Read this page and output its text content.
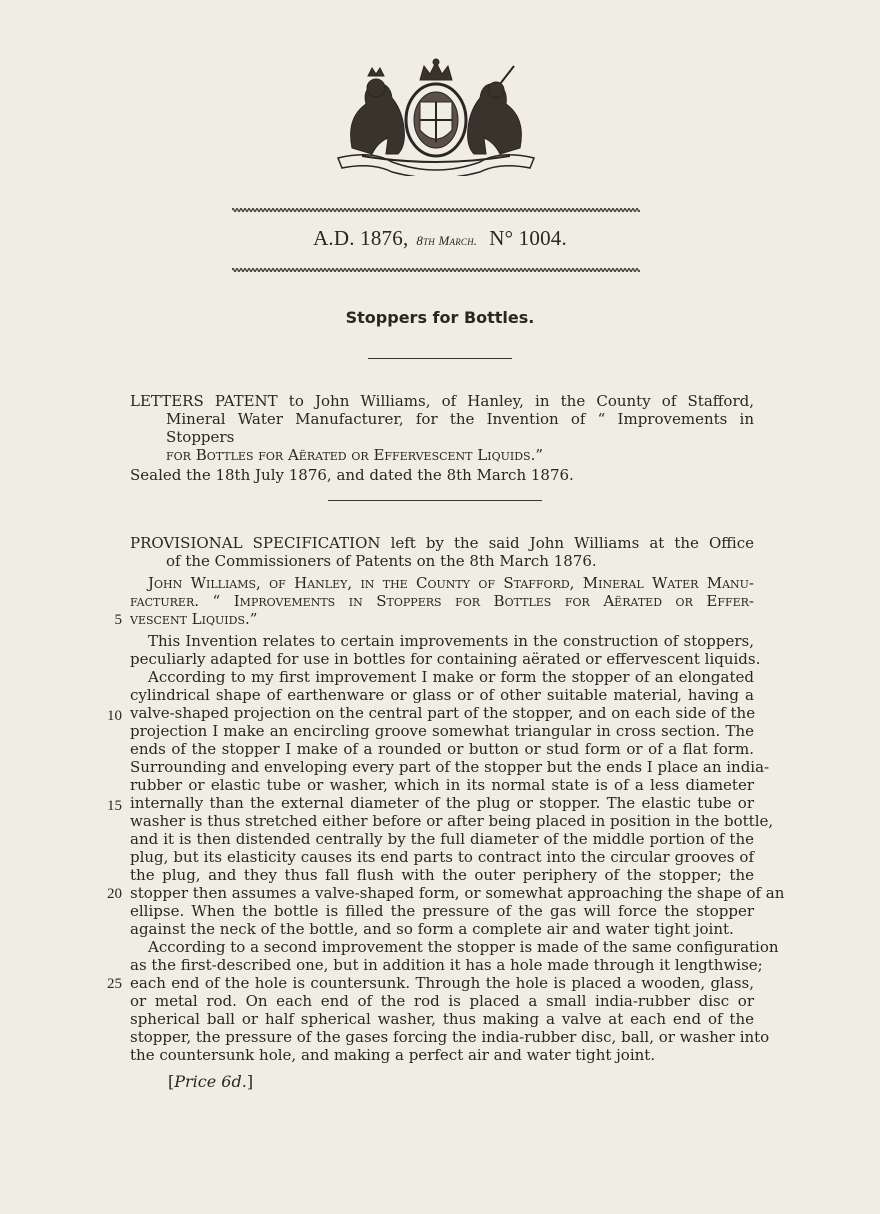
A.D. 1876, 8th March. N° 1004.
Stoppers for Bottles.
LETTERS PATENT to John Williams, of Hanley, in the County of Stafford,
Mineral Water Manufacturer, for the Invention of “ Improvements in Stoppers
for Bottles for Aërated or Effervescent Liquids.”
Sealed the 18th July 1876, and dated the 8th March 1876.
PROVISIONAL SPECIFICATION left by the said John Williams at the Office
of the Commissioners of Patents on the 8th March 1876.
John Williams, of Hanley, in the County of Stafford, Mineral Water Manu-
facturer. “ Improvements in Stoppers for Bottles for Aërated or Effer-
vescent Liquids.”
5
10
15
20
25
This Invention relates to certain improvements in the construction of stoppers,
peculiarly adapted for use in bottles for containing aërated or effervescent liquids.
According to my first improvement I make or form the stopper of an elongated
cylindrical shape of earthenware or glass or of other suitable material, having a
valve-shaped projection on the central part of the stopper, and on each side of the
projection I make an encircling groove somewhat triangular in cross section. The
ends of the stopper I make of a rounded or button or stud form or of a flat form.
Surrounding and enveloping every part of the stopper but the ends I place an india-
rubber or elastic tube or washer, which in its normal state is of a less diameter
internally than the external diameter of the plug or stopper. The elastic tube or
washer is thus stretched either before or after being placed in position in the bottle,
and it is then distended centrally by the full diameter of the middle portion of the
plug, but its elasticity causes its end parts to contract into the circular grooves of
the plug, and they thus fall flush with the outer periphery of the stopper; the
stopper then assumes a valve-shaped form, or somewhat approaching the shape of an
ellipse. When the bottle is filled the pressure of the gas will force the stopper
against the neck of the bottle, and so form a complete air and water tight joint.
According to a second improvement the stopper is made of the same configuration
as the first-described one, but in addition it has a hole made through it lengthwise;
each end of the hole is countersunk. Through the hole is placed a wooden, glass,
or metal rod. On each end of the rod is placed a small india-rubber disc or
spherical ball or half spherical washer, thus making a valve at each end of the
stopper, the pressure of the gases forcing the india-rubber disc, ball, or washer into
the countersunk hole, and making a perfect air and water tight joint.
[Price 6d.]
